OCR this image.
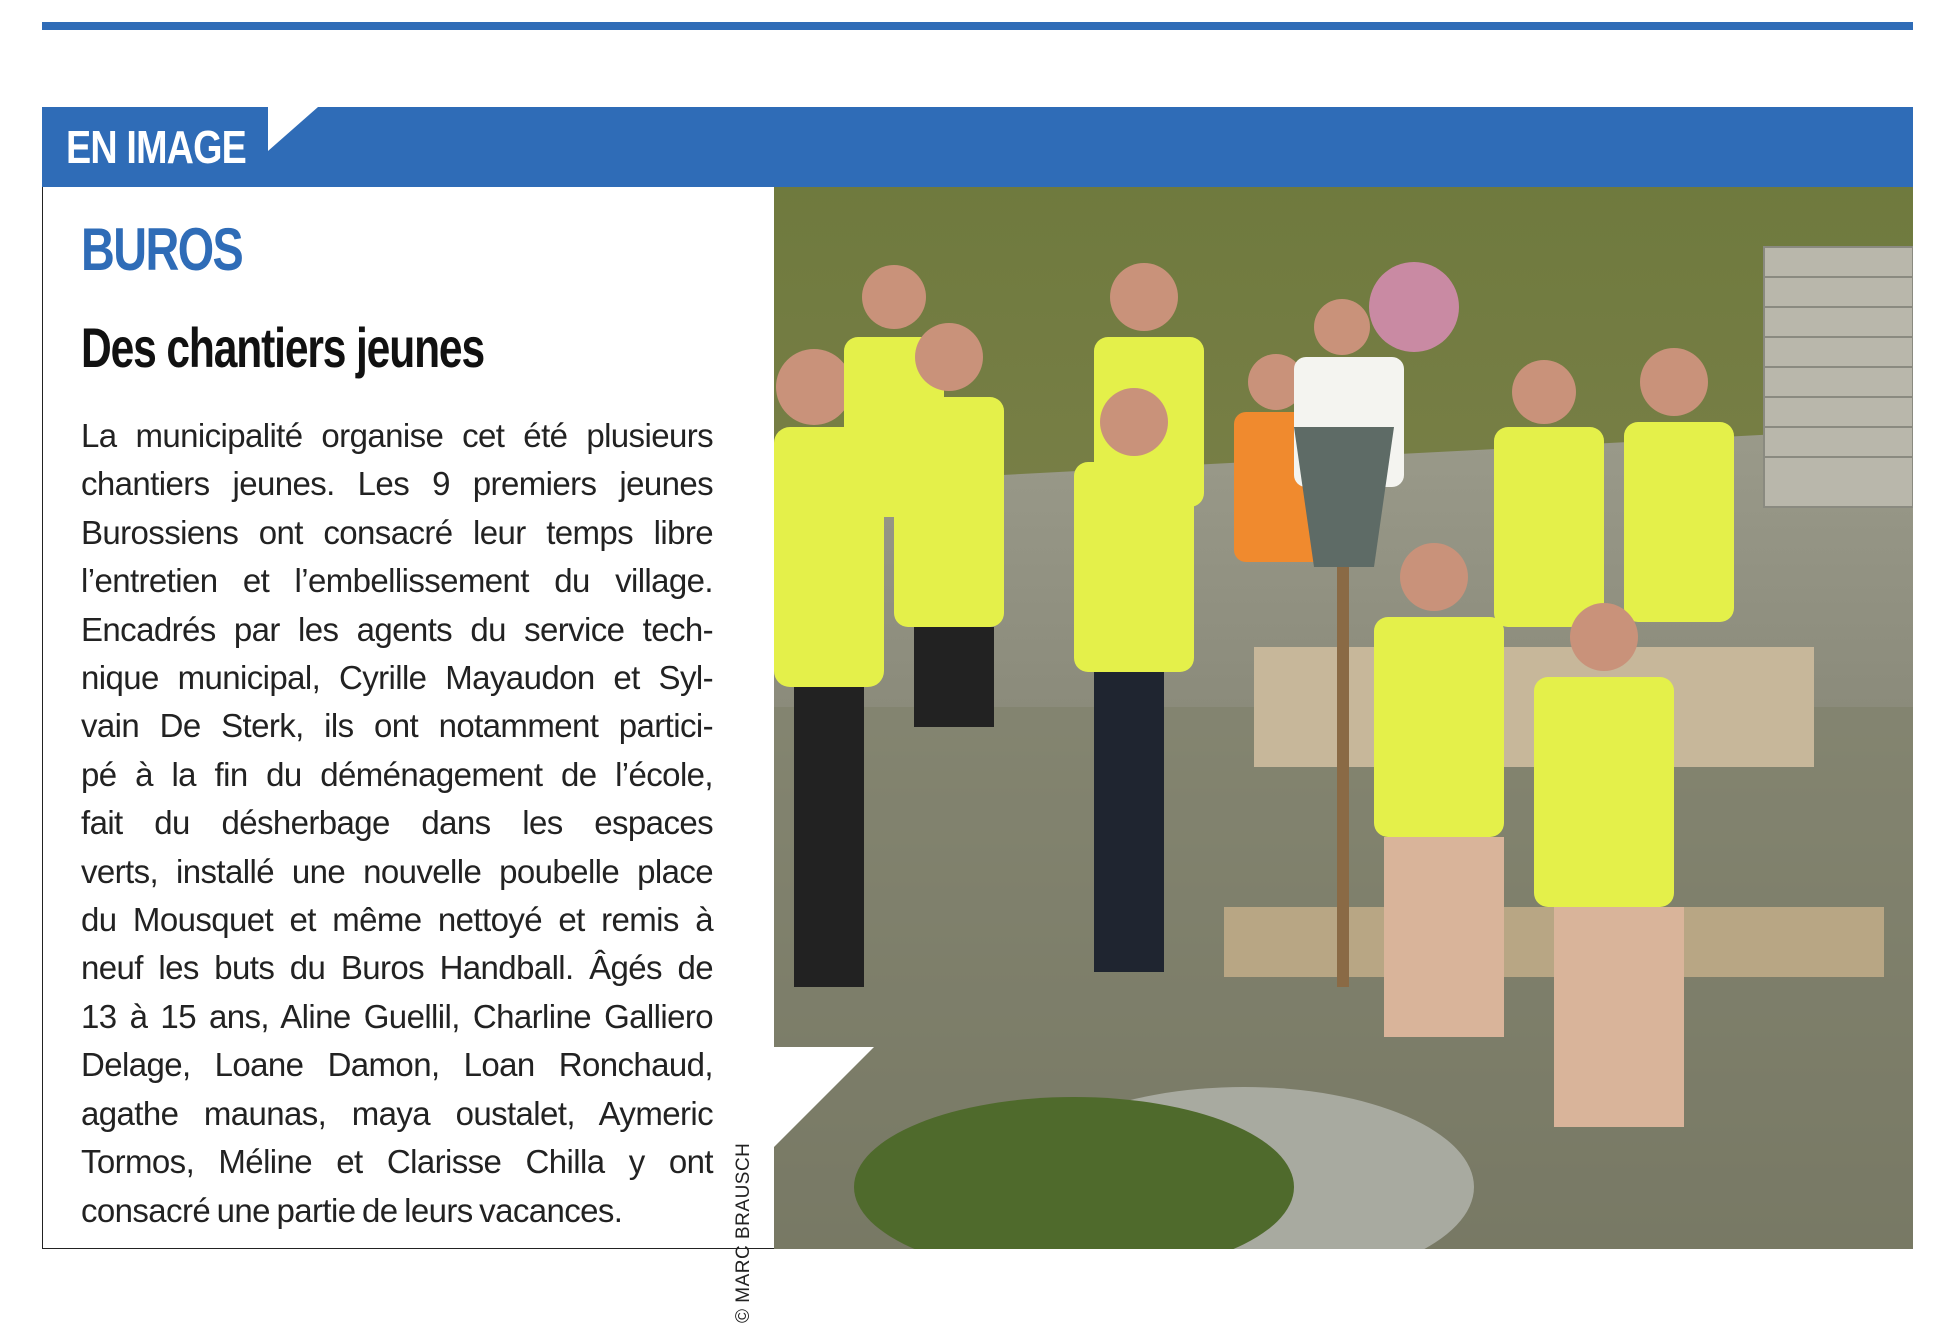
EN IMAGE
BUROS
Des chantiers jeunes
La municipalité organise cet été plusieurs
chantiers jeunes. Les 9 premiers jeunes
Burossiens ont consacré leur temps libre
l’entretien et l’embellissement du village.
Encadrés par les agents du service tech-
nique municipal, Cyrille Mayaudon et Syl-
vain De Sterk, ils ont notamment partici-
pé à la fin du déménagement de l’école,
fait du désherbage dans les espaces
verts, installé une nouvelle poubelle place
du Mousquet et même nettoyé et remis à
neuf les buts du Buros Handball. Âgés de
13 à 15 ans, Aline Guellil, Charline Galliero
Delage, Loane Damon, Loan Ronchaud,
agathe maunas, maya oustalet, Aymeric
Tormos, Méline et Clarisse Chilla y ont
consacré une partie de leurs vacances.	© MARC BRAUSCH
